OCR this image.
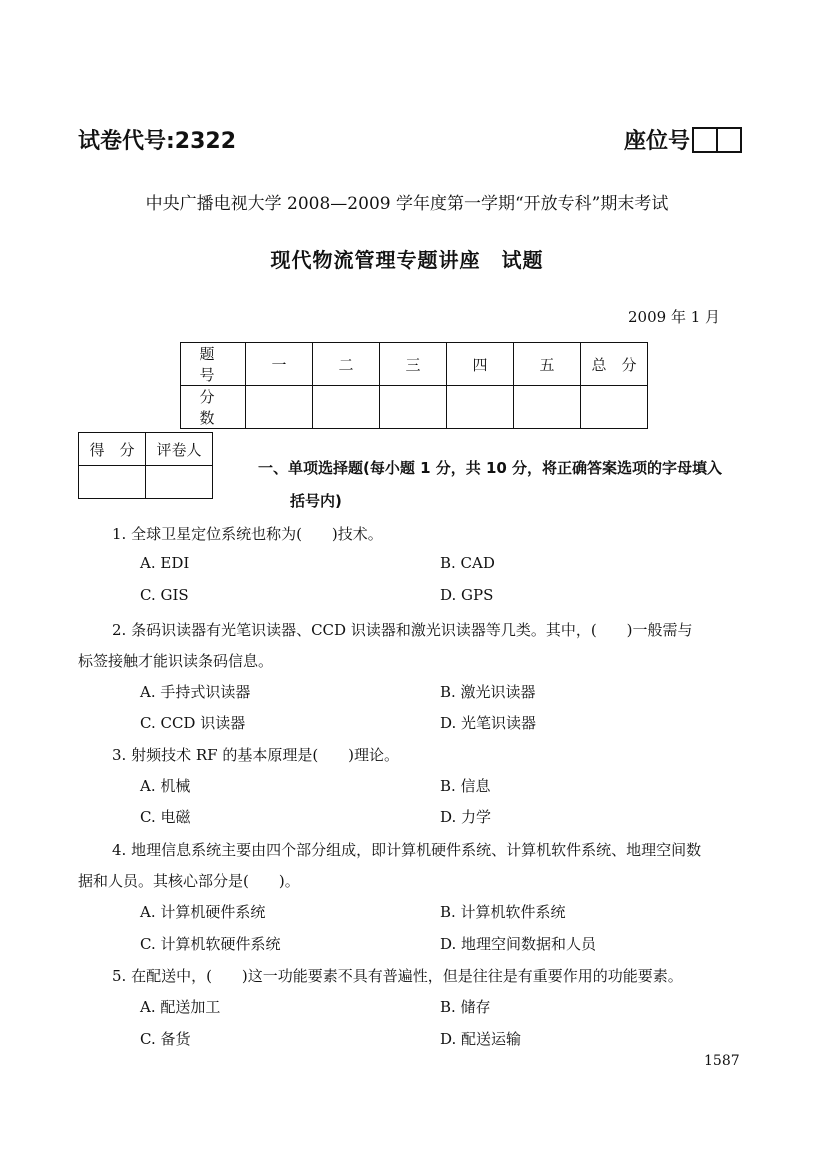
试卷代号:2322	座位号
中央广播电视大学 2008—2009 学年度第一学期“开放专科”期末考试
现代物流管理专题讲座　试题
2009 年 1 月
题　号	一	二	三	四	五	总　分
分　数						
得　分	评卷人

一、单项选择题(每小题 1 分，共 10 分，将正确答案选项的字母填入
括号内)
1. 全球卫星定位系统也称为(　　)技术。
A. EDI	B. CAD
C. GIS	D. GPS
2. 条码识读器有光笔识读器、CCD 识读器和激光识读器等几类。其中，(　　)一般需与
标签接触才能识读条码信息。
A. 手持式识读器	B. 激光识读器
C. CCD 识读器	D. 光笔识读器
3. 射频技术 RF 的基本原理是(　　)理论。
A. 机械	B. 信息
C. 电磁	D. 力学
4. 地理信息系统主要由四个部分组成，即计算机硬件系统、计算机软件系统、地理空间数
据和人员。其核心部分是(　　)。
A. 计算机硬件系统	B. 计算机软件系统
C. 计算机软硬件系统	D. 地理空间数据和人员
5. 在配送中，(　　)这一功能要素不具有普遍性，但是往往是有重要作用的功能要素。
A. 配送加工	B. 储存
C. 备货	D. 配送运输
1587
